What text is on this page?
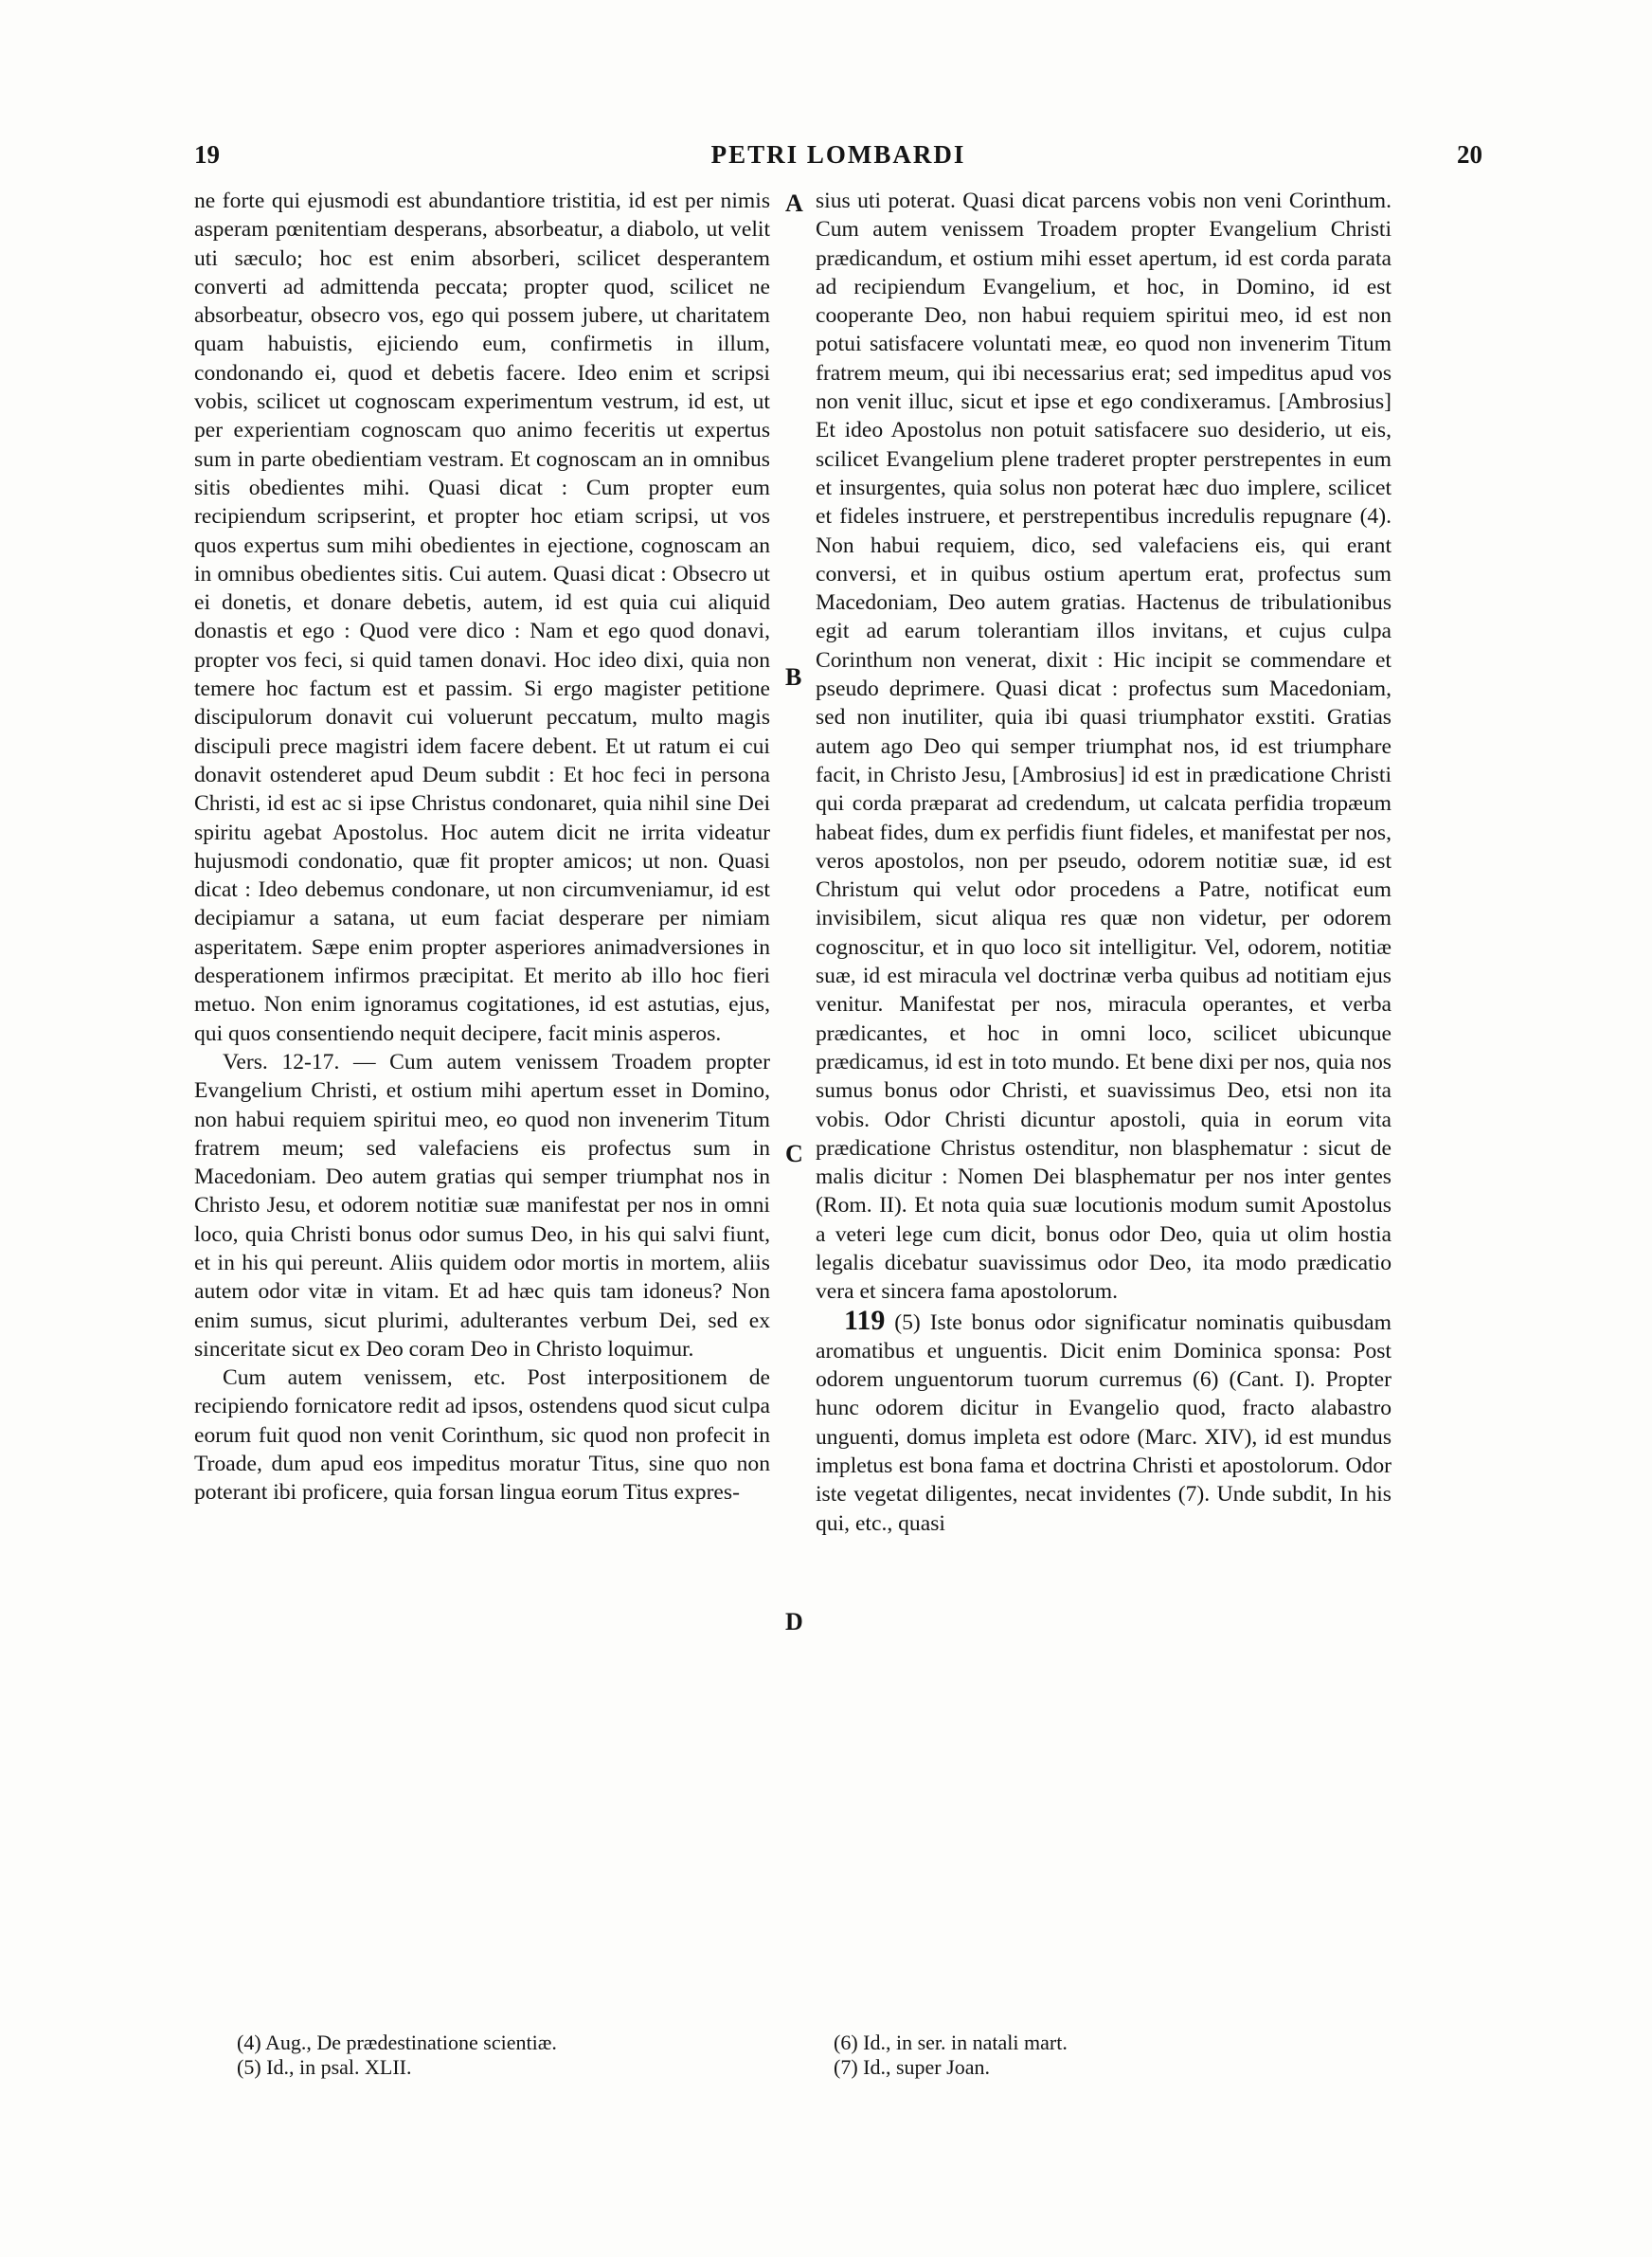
19	PETRI LOMBARDI	20

ne forte qui ejusmodi est abundantiore tristitia, id est per nimis asperam pœnitentiam desperans, absorbeatur, a diabolo, ut velit uti sæculo; hoc est enim absorberi, scilicet desperantem converti ad admittenda peccata; propter quod, scilicet ne absorbeatur, obsecro vos, ego qui possem jubere, ut charitatem quam habuistis, ejiciendo eum, confirmetis in illum, condonando ei, quod et debetis facere. Ideo enim et scripsi vobis, scilicet ut cognoscam experimentum vestrum, id est, ut per experientiam cognoscam quo animo feceritis ut expertus sum in parte obedientiam vestram. Et cognoscam an in omnibus sitis obedientes mihi. Quasi dicat : Cum propter eum recipiendum scripserint, et propter hoc etiam scripsi, ut vos quos expertus sum mihi obedientes in ejectione, cognoscam an in omnibus obedientes sitis. Cui autem. Quasi dicat : Obsecro ut ei donetis, et donare debetis, autem, id est quia cui aliquid donastis et ego : Quod vere dico : Nam et ego quod donavi, propter vos feci, si quid tamen donavi. Hoc ideo dixi, quia non temere hoc factum est et passim. Si ergo magister petitione discipulorum donavit cui voluerunt peccatum, multo magis discipuli prece magistri idem facere debent. Et ut ratum ei cui donavit ostenderet apud Deum subdit : Et hoc feci in persona Christi, id est ac si ipse Christus condonaret, quia nihil sine Dei spiritu agebat Apostolus. Hoc autem dicit ne irrita videatur hujusmodi condonatio, quæ fit propter amicos; ut non. Quasi dicat : Ideo debemus condonare, ut non circumveniamur, id est decipiamur a satana, ut eum faciat desperare per nimiam asperitatem. Sæpe enim propter asperiores animadversiones in desperationem infirmos præcipitat. Et merito ab illo hoc fieri metuo. Non enim ignoramus cogitationes, id est astutias, ejus, qui quos consentiendo nequit decipere, facit minis asperos.

Vers. 12-17. — Cum autem venissem Troadem propter Evangelium Christi, et ostium mihi apertum esset in Domino, non habui requiem spiritui meo, eo quod non invenerim Titum fratrem meum; sed valefaciens eis profectus sum in Macedoniam. Deo autem gratias qui semper triumphat nos in Christo Jesu, et odorem notitiæ suæ manifestat per nos in omni loco, quia Christi bonus odor sumus Deo, in his qui salvi fiunt, et in his qui pereunt. Aliis quidem odor mortis in mortem, aliis autem odor vitæ in vitam. Et ad hæc quis tam idoneus? Non enim sumus, sicut plurimi, adulterantes verbum Dei, sed ex sinceritate sicut ex Deo coram Deo in Christo loquimur.

Cum autem venissem, etc. Post interpositionem de recipiendo fornicatore redit ad ipsos, ostendens quod sicut culpa eorum fuit quod non venit Corinthum, sic quod non profecit in Troade, dum apud eos impeditus moratur Titus, sine quo non poterant ibi proficere, quia forsan lingua eorum Titus expres-

sius uti poterat. Quasi dicat parcens vobis non veni Corinthum. Cum autem venissem Troadem propter Evangelium Christi prædicandum, et ostium mihi esset apertum, id est corda parata ad recipiendum Evangelium, et hoc, in Domino, id est cooperante Deo, non habui requiem spiritui meo, id est non potui satisfacere voluntati meæ, eo quod non invenerim Titum fratrem meum, qui ibi necessarius erat; sed impeditus apud vos non venit illuc, sicut et ipse et ego condixeramus. [Ambrosius] Et ideo Apostolus non potuit satisfacere suo desiderio, ut eis, scilicet Evangelium plene traderet propter perstrepentes in eum et insurgentes, quia solus non poterat hæc duo implere, scilicet et fideles instruere, et perstrepentibus incredulis repugnare (4). Non habui requiem, dico, sed valefaciens eis, qui erant conversi, et in quibus ostium apertum erat, profectus sum Macedoniam, Deo autem gratias. Hactenus de tribulationibus egit ad earum tolerantiam illos invitans, et cujus culpa Corinthum non venerat, dixit : Hic incipit se commendare et pseudo deprimere. Quasi dicat : profectus sum Macedoniam, sed non inutiliter, quia ibi quasi triumphator exstiti. Gratias autem ago Deo qui semper triumphat nos, id est triumphare facit, in Christo Jesu, [Ambrosius] id est in prædicatione Christi qui corda præparat ad credendum, ut calcata perfidia tropæum habeat fides, dum ex perfidis fiunt fideles, et manifestat per nos, veros apostolos, non per pseudo, odorem notitiæ suæ, id est Christum qui velut odor procedens a Patre, notificat eum invisibilem, sicut aliqua res quæ non videtur, per odorem cognoscitur, et in quo loco sit intelligitur. Vel, odorem, notitiæ suæ, id est miracula vel doctrinæ verba quibus ad notitiam ejus venitur. Manifestat per nos, miracula operantes, et verba prædicantes, et hoc in omni loco, scilicet ubicunque prædicamus, id est in toto mundo. Et bene dixi per nos, quia nos sumus bonus odor Christi, et suavissimus Deo, etsi non ita vobis. Odor Christi dicuntur apostoli, quia in eorum vita prædicatione Christus ostenditur, non blasphematur : sicut de malis dicitur : Nomen Dei blasphematur per nos inter gentes (Rom. II). Et nota quia suæ locutionis modum sumit Apostolus a veteri lege cum dicit, bonus odor Deo, quia ut olim hostia legalis dicebatur suavissimus odor Deo, ita modo prædicatio vera et sincera fama apostolorum.

119 (5) Iste bonus odor significatur nominatis quibusdam aromatibus et unguentis. Dicit enim Dominica sponsa: Post odorem unguentorum tuorum curremus (6) (Cant. I). Propter hunc odorem dicitur in Evangelio quod, fracto alabastro unguenti, domus impleta est odore (Marc. XIV), id est mundus impletus est bona fama et doctrina Christi et apostolorum. Odor iste vegetat diligentes, necat invidentes (7). Unde subdit, In his qui, etc., quasi

A
B
C
D
(4) Aug., De prædestinatione scientiæ.
(5) Id., in psal. XLII.
(6) Id., in ser. in natali mart.
(7) Id., super Joan.
